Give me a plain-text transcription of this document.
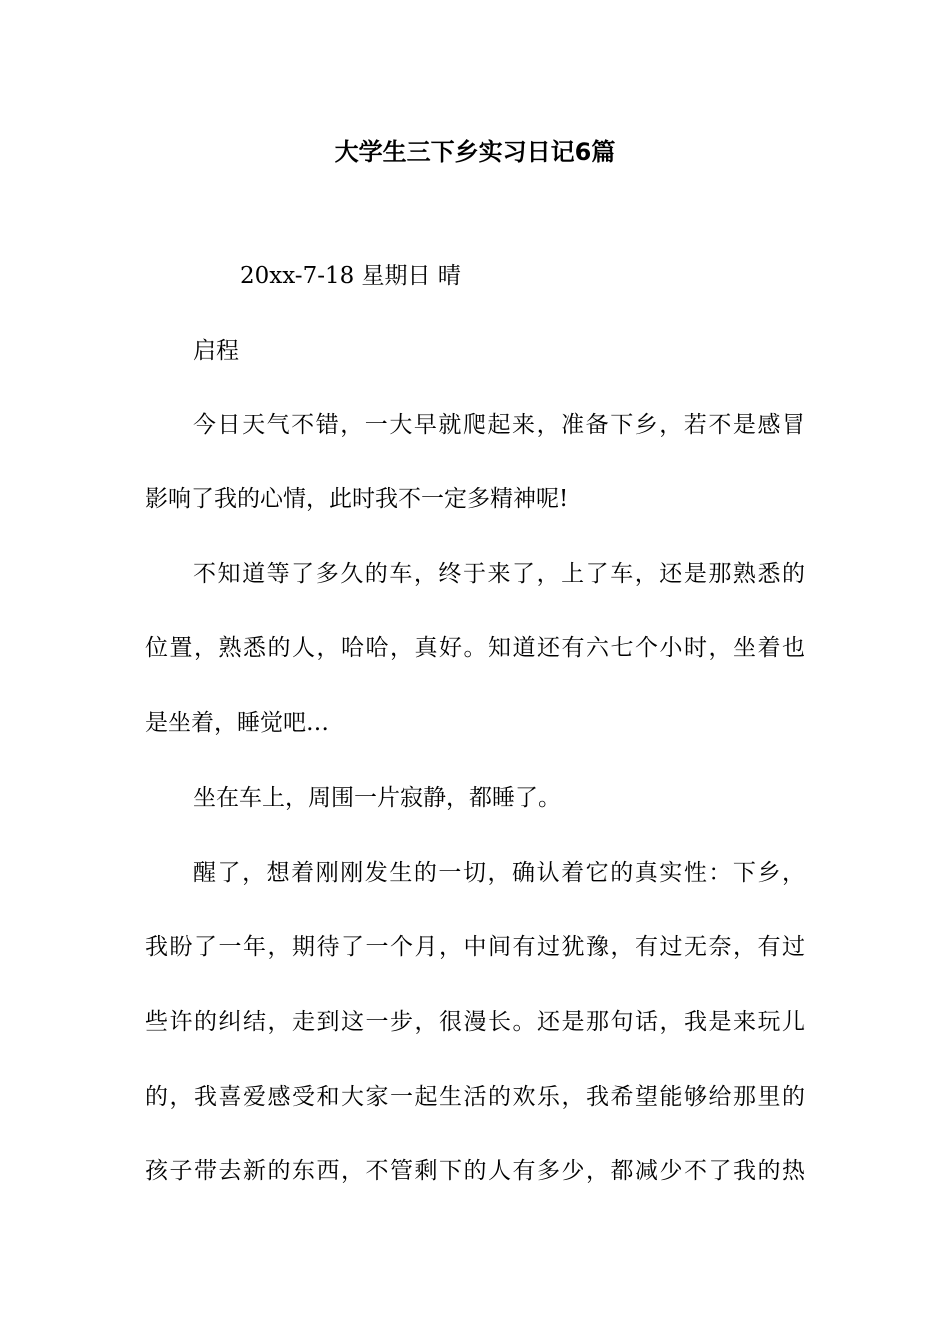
大学生三下乡实习日记6篇
20xx-7-18 星期日 晴
启程
今日天气不错，一大早就爬起来，准备下乡，若不是感冒
影响了我的心情，此时我不一定多精神呢!
不知道等了多久的车，终于来了，上了车，还是那熟悉的
位置，熟悉的人，哈哈，真好。知道还有六七个小时，坐着也
是坐着，睡觉吧…
坐在车上，周围一片寂静，都睡了。
醒了，想着刚刚发生的一切，确认着它的真实性：下乡，
我盼了一年，期待了一个月，中间有过犹豫，有过无奈，有过
些许的纠结，走到这一步，很漫长。还是那句话，我是来玩儿
的，我喜爱感受和大家一起生活的欢乐，我希望能够给那里的
孩子带去新的东西，不管剩下的人有多少，都减少不了我的热
